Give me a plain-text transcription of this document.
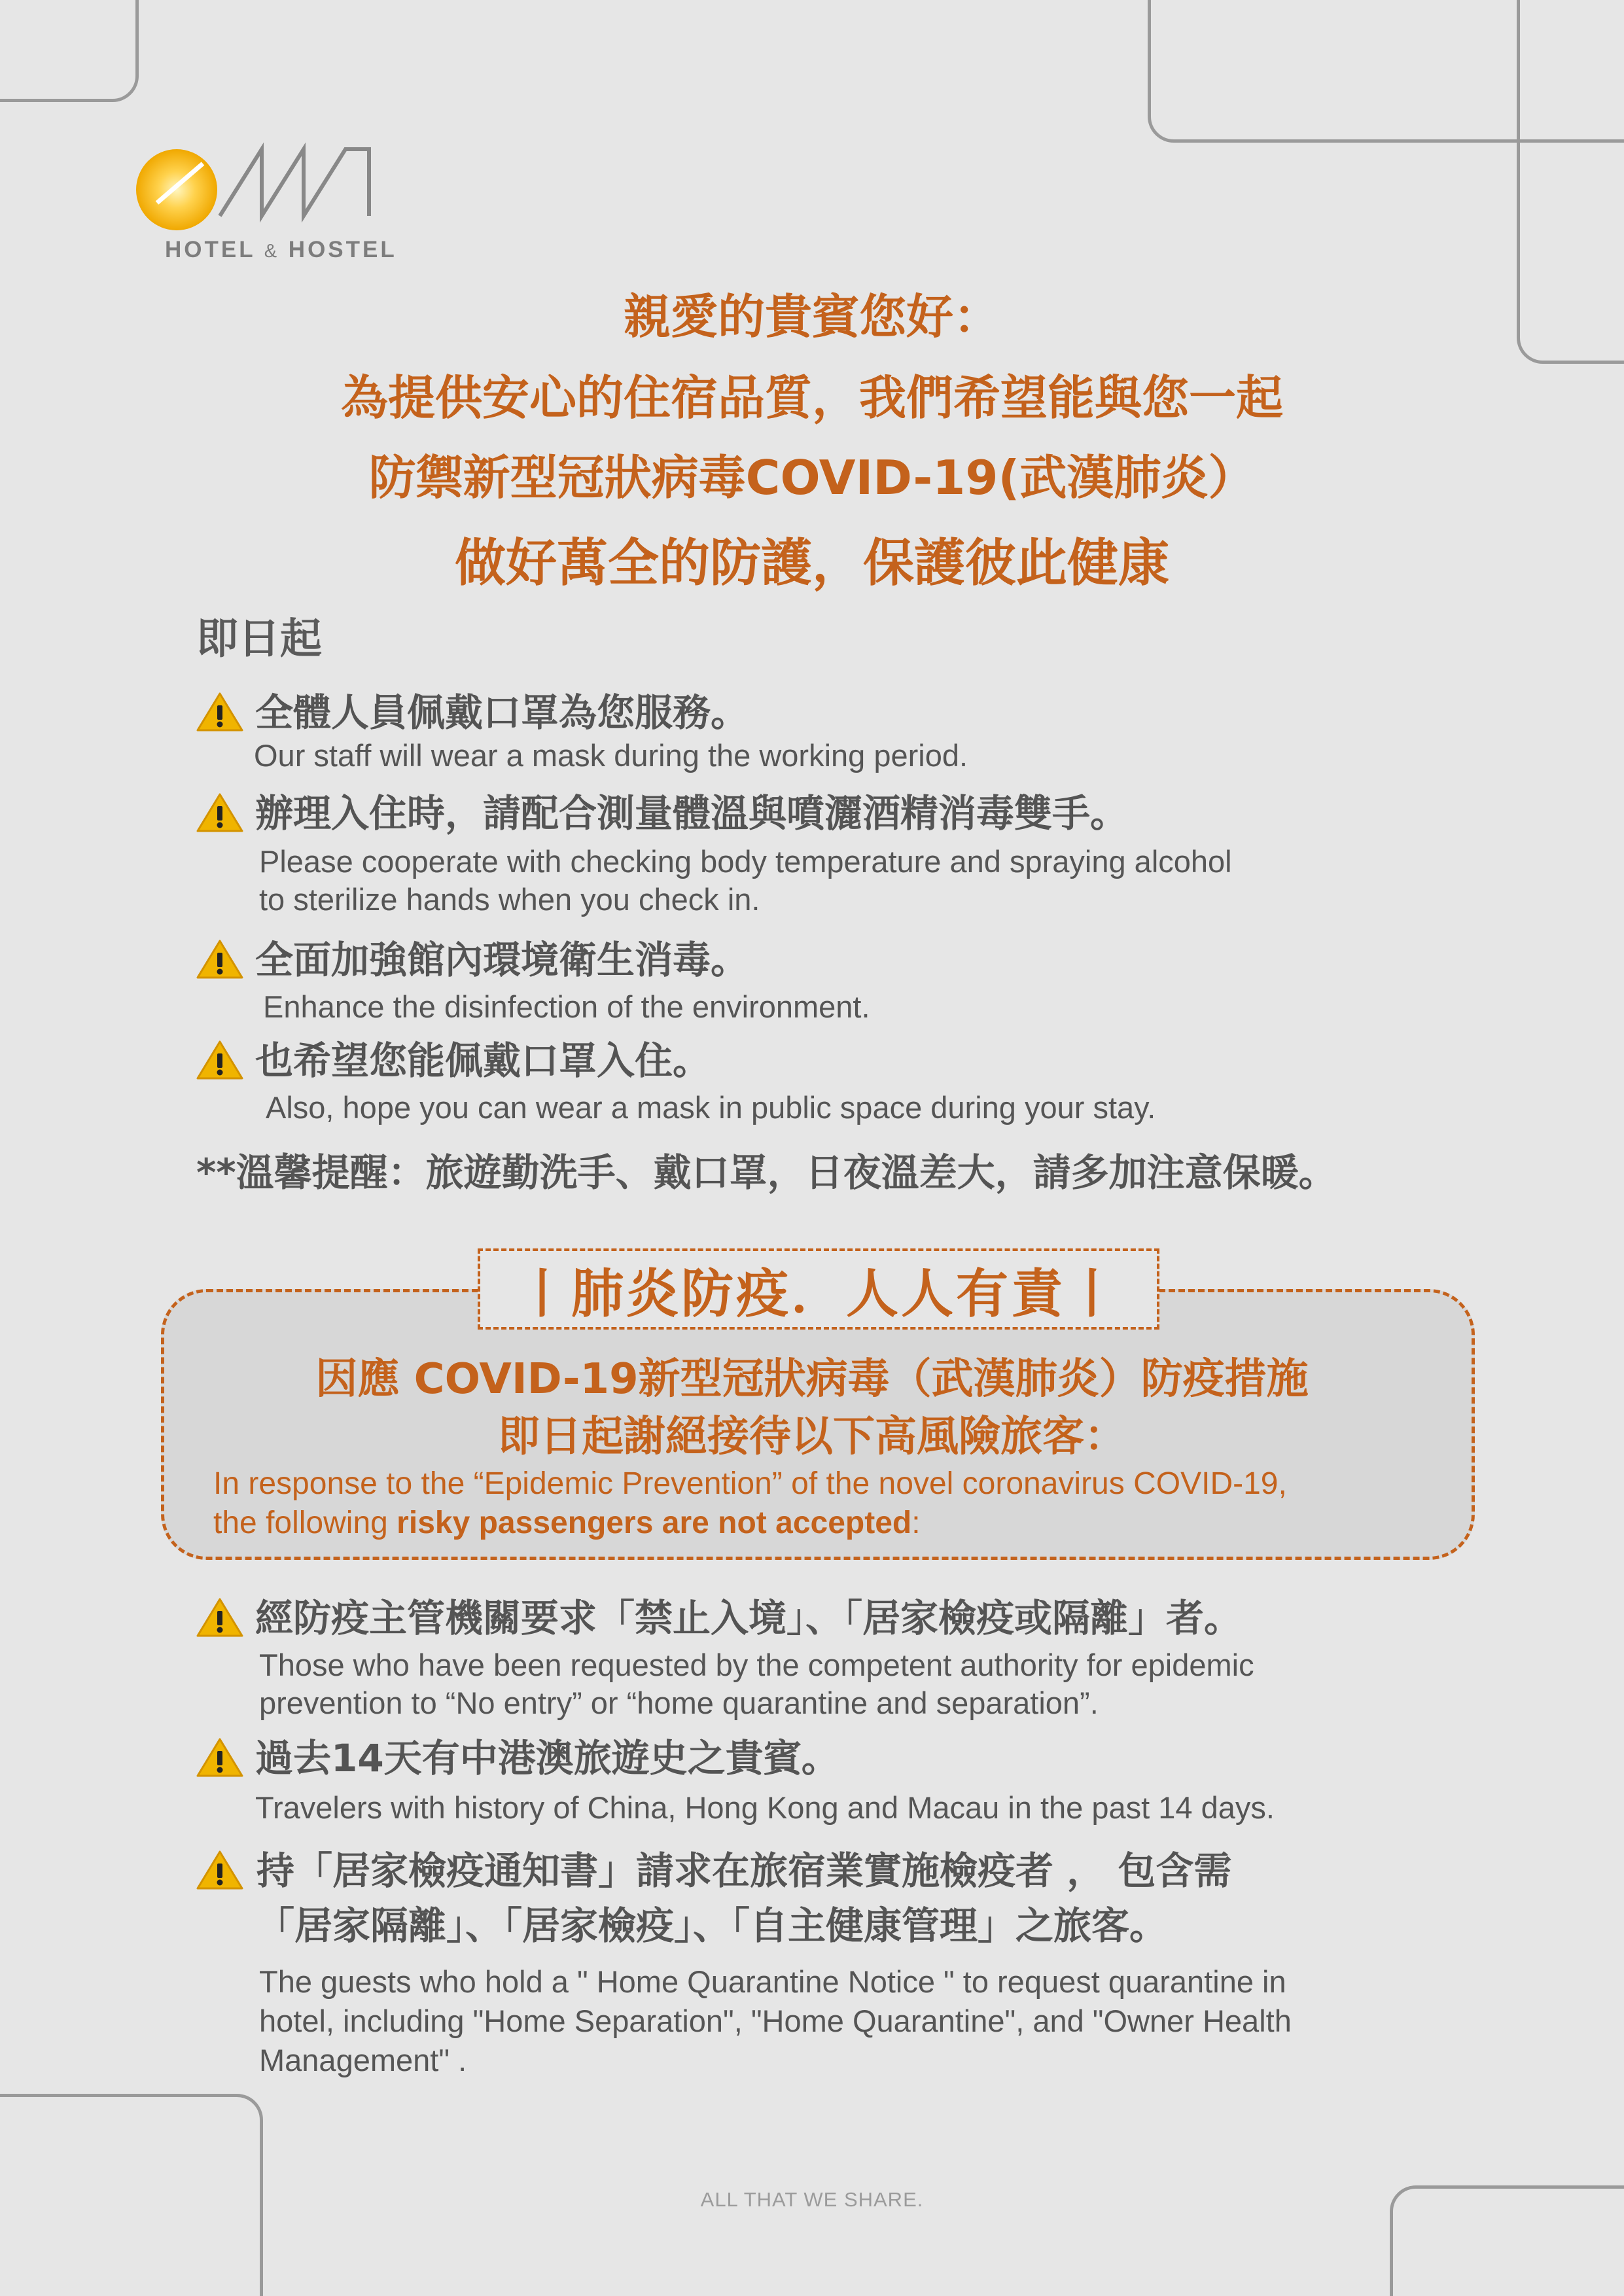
HOTEL & HOSTEL
親愛的貴賓您好：
為提供安心的住宿品質，我們希望能與您一起
防禦新型冠狀病毒COVID-19(武漢肺炎）
做好萬全的防護，保護彼此健康
即日起
全體人員佩戴口罩為您服務。
Our staff will wear a mask during the working period.
辦理入住時，請配合測量體溫與噴灑酒精消毒雙手。
Please cooperate with checking body temperature and spraying alcohol
to sterilize hands when you check in.
全面加強館內環境衛生消毒。
Enhance the disinfection of the environment.
也希望您能佩戴口罩入住。
Also, hope you can wear a mask in public space during your stay.
**溫馨提醒：旅遊勤洗手、戴口罩，日夜溫差大，請多加注意保暖。
丨肺炎防疫．人人有責丨
因應 COVID-19新型冠狀病毒（武漢肺炎）防疫措施
即日起謝絕接待以下高風險旅客：
In response to the “Epidemic Prevention” of the novel coronavirus COVID-19,
the following risky passengers are not accepted:
經防疫主管機關要求「禁止入境」、「居家檢疫或隔離」者。
Those who have been requested by the competent authority for epidemic
prevention to “No entry” or “home quarantine and separation”.
過去14天有中港澳旅遊史之貴賓。
Travelers with history of China, Hong Kong and Macau in the past 14 days.
持「居家檢疫通知書」請求在旅宿業實施檢疫者 ， 包含需
「居家隔離」、「居家檢疫」、「自主健康管理」之旅客。
The guests who hold a " Home Quarantine Notice " to request quarantine in
hotel, including "Home Separation", "Home Quarantine", and "Owner Health
Management" .
ALL THAT WE SHARE.
